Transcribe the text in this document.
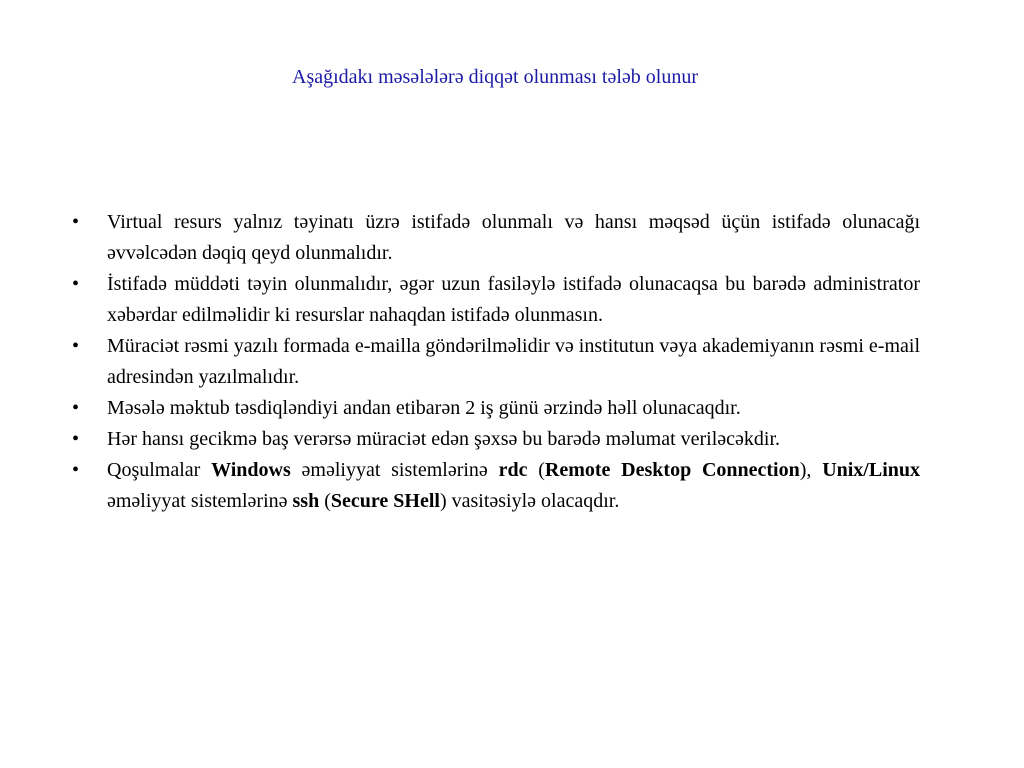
Aşağıdakı məsələlərə diqqət olunması tələb olunur
•	Virtual resurs yalnız təyinatı üzrə istifadə olunmalı və hansı məqsəd üçün istifadə olunacağı əvvəlcədən dəqiq qeyd olunmalıdır.
•	İstifadə müddəti təyin olunmalıdır, əgər uzun fasiləylə istifadə olunacaqsa bu barədə administrator xəbərdar edilməlidir ki resurslar nahaqdan istifadə olunmasın.
•	Müraciət rəsmi yazılı formada e-mailla göndərilməlidir və institutun vəya akademiyanın rəsmi e-mail adresindən yazılmalıdır.
•	Məsələ məktub təsdiqləndiyi andan etibarən 2 iş günü ərzində həll olunacaqdır.
•	Hər hansı gecikmə baş verərsə müraciət edən şəxsə bu barədə məlumat veriləcəkdir.
•	Qoşulmalar Windows əməliyyat sistemlərinə rdc (Remote Desktop Connection), Unix/Linux əməliyyat sistemlərinə ssh (Secure SHell) vasitəsiylə olacaqdır.
